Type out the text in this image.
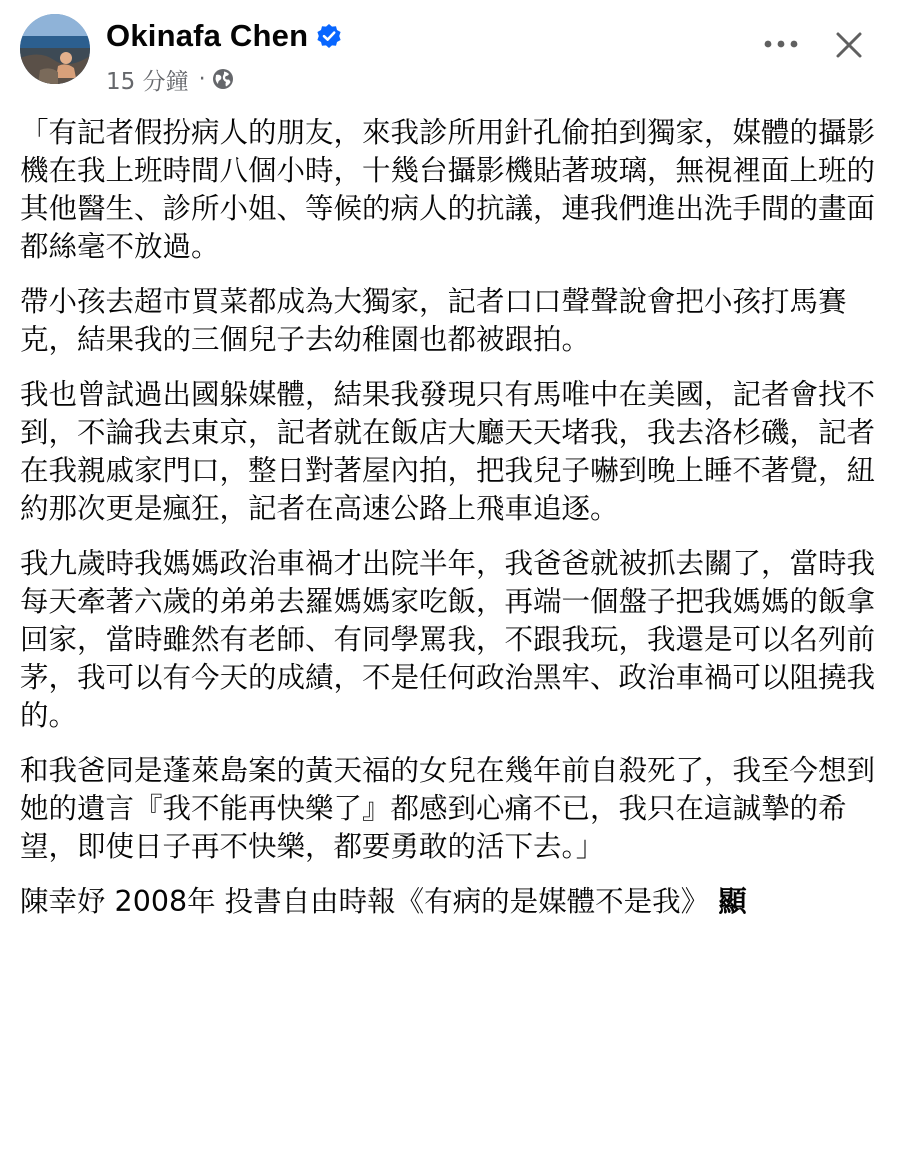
Okinafa Chen
15 分鐘 ·

「有記者假扮病人的朋友，來我診所用針孔偷拍到獨家，媒體的攝影機在我上班時間八個小時，十幾台攝影機貼著玻璃，無視裡面上班的其他醫生、診所小姐、等候的病人的抗議，連我們進出洗手間的畫面都絲毫不放過。

帶小孩去超市買菜都成為大獨家，記者口口聲聲說會把小孩打馬賽克，結果我的三個兒子去幼稚園也都被跟拍。

我也曾試過出國躲媒體，結果我發現只有馬唯中在美國，記者會找不到，不論我去東京，記者就在飯店大廳天天堵我，我去洛杉磯，記者在我親戚家門口，整日對著屋內拍，把我兒子嚇到晚上睡不著覺，紐約那次更是瘋狂，記者在高速公路上飛車追逐。

我九歲時我媽媽政治車禍才出院半年，我爸爸就被抓去關了，當時我每天牽著六歲的弟弟去羅媽媽家吃飯，再端一個盤子把我媽媽的飯拿回家，當時雖然有老師、有同學罵我，不跟我玩，我還是可以名列前茅，我可以有今天的成績，不是任何政治黑牢、政治車禍可以阻撓我的。

和我爸同是蓬萊島案的黃天福的女兒在幾年前自殺死了，我至今想到她的遺言『我不能再快樂了』都感到心痛不已，我只在這誠摯的希望，即使日子再不快樂，都要勇敢的活下去。」

陳幸妤 2008年 投書自由時報《有病的是媒體不是我》 顯
